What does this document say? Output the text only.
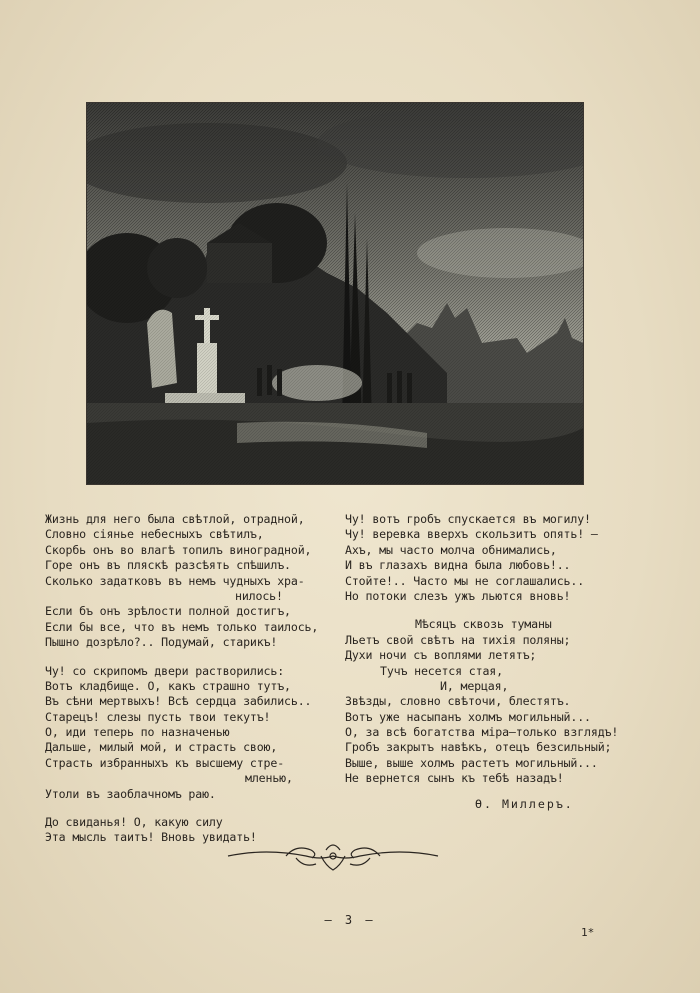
Жизнь для него была свѣтлой, отрадной,
Словно сіянье небесныхъ свѣтилъ,
Скорбь онъ во влагѣ топилъ виноградной,
Горе онъ въ пляскѣ разсѣять спѣшилъ.
Сколько задатковъ въ немъ чудныхъ хра-
нилось!
Если бъ онъ зрѣлости полной достигъ,
Если бы все, что въ немъ только таилось,
Пышно дозрѣло?.. Подумай, старикъ!
Чу! со скрипомъ двери растворились:
Вотъ кладбище. О, какъ страшно тутъ,
Въ сѣни мертвыхъ! Всѣ сердца забились..
Старецъ! слезы пусть твои текутъ!
О, иди теперь по назначенью
Дальше, милый мой, и страсть свою,
Страсть избранныхъ къ высшему стре-
мленью,
Утоли въ заоблачномъ раю.
До свиданья! О, какую силу
Эта мысль таитъ! Вновь увидать!
Чу! вотъ гробъ спускается въ могилу!
Чу! веревка вверхъ скользитъ опять! —
Ахъ, мы часто молча обнимались,
И въ глазахъ видна была любовь!..
Стойте!.. Часто мы не соглашались..
Но потоки слезъ ужъ льются вновь!
Мѣсяцъ сквозь туманы
Льетъ свой свѣтъ на тихія поляны;
Духи ночи съ воплями летятъ;
Тучъ несется стая,
И, мерцая,
Звѣзды, словно свѣточи, блестятъ.
Вотъ уже насыпанъ холмъ могильный...
О, за всѣ богатства міра—только взглядъ!
Гробъ закрытъ навѣкъ, отецъ безсильный;
Выше, выше холмъ растетъ могильный...
Не вернется сынъ къ тебѣ назадъ!
Ө. Миллеръ.
— 3 —
1*
